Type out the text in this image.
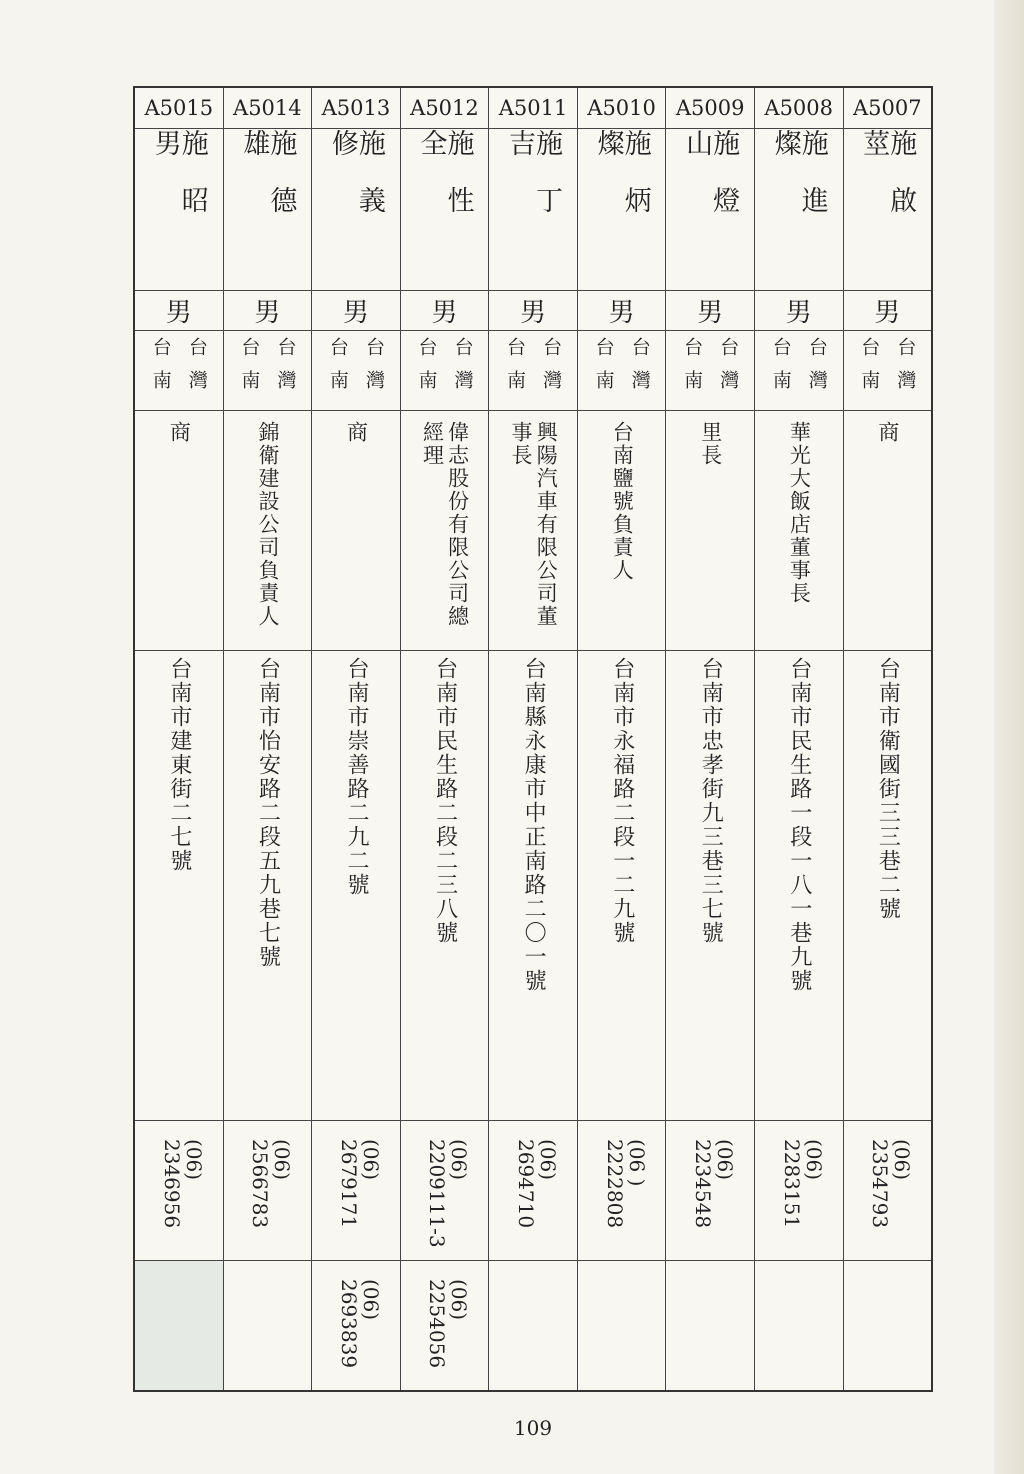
A5015
施昭男
男
台灣台南
商
台南市建東街二七號
(06)
2346956
A5014
施德雄
男
台灣台南
錦衛建設公司負責人
台南市怡安路二段五九巷七號
(06)
2566783
A5013
施義修
男
台灣台南
商
台南市崇善路二九二號
(06)
2679171
(06)
2693839
A5012
施性全
男
台灣台南
偉志股份有限公司總經理
台南市民生路二段二三八號
(06)
2209111-3
(06)
2254056
A5011
施丁吉
男
台灣台南
興陽汽車有限公司董事長
台南縣永康市中正南路二〇一號
(06)
2694710
A5010
施炳燦
男
台灣台南
台南鹽號負責人
台南市永福路二段一二九號
(06 )
2222808
A5009
施燈山
男
台灣台南
里長
台南市忠孝街九三巷三七號
(06)
2234548
A5008
施進燦
男
台灣台南
華光大飯店董事長
台南市民生路一段一八一巷九號
(06)
2283151
A5007
施啟莖
男
台灣台南
商
台南市衛國街三三巷二號
(06)
2354793
109
